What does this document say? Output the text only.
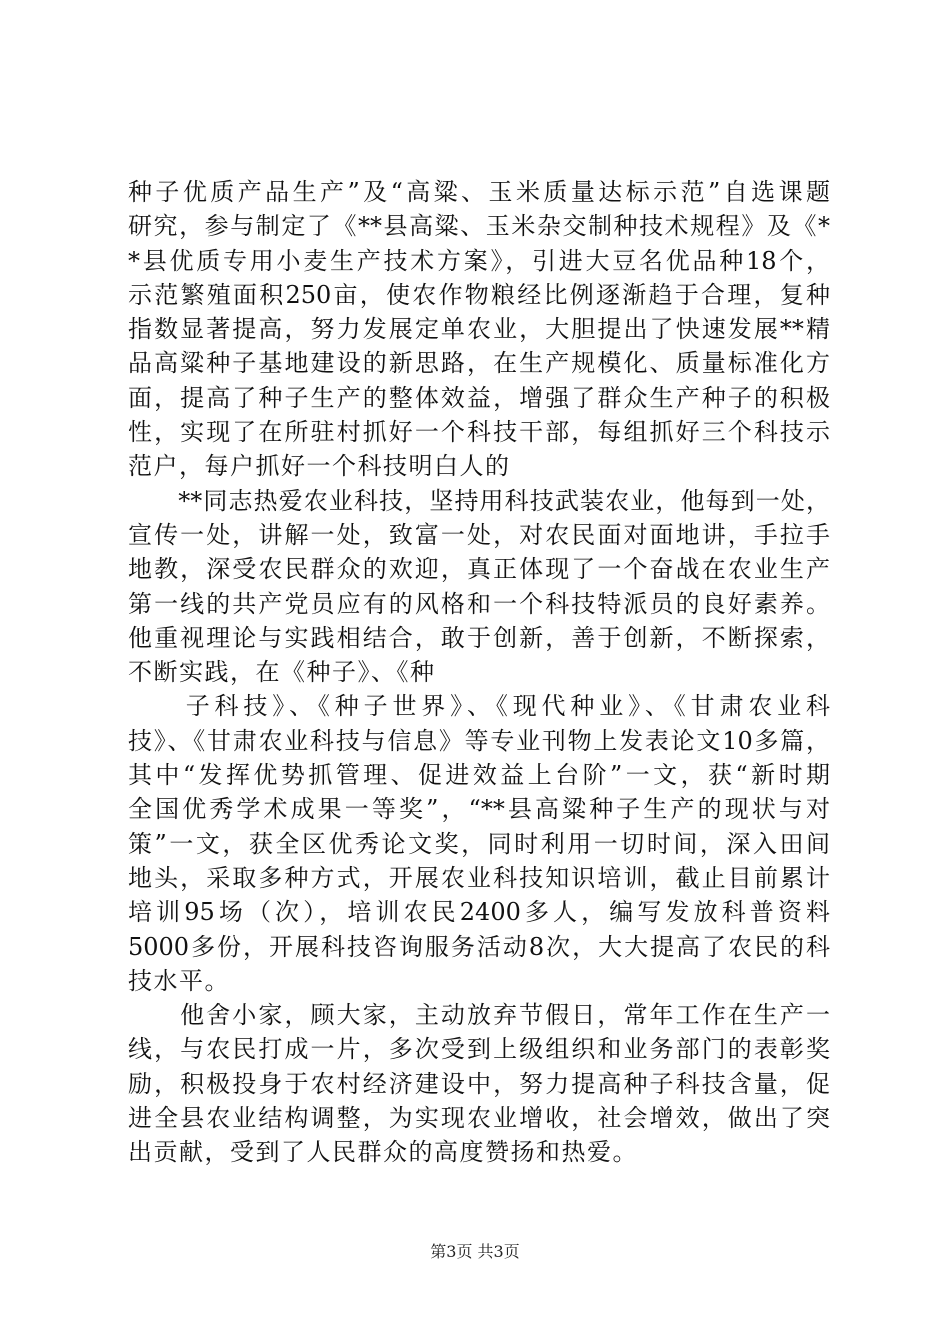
种子优质产品生产”及“高粱、玉米质量达标示范”自选课题
研究，参与制定了《**县高粱、玉米杂交制种技术规程》及《*
*县优质专用小麦生产技术方案》，引进大豆名优品种18个，
示范繁殖面积250亩，使农作物粮经比例逐渐趋于合理，复种
指数显著提高，努力发展定单农业，大胆提出了快速发展**精
品高粱种子基地建设的新思路，在生产规模化、质量标准化方
面，提高了种子生产的整体效益，增强了群众生产种子的积极
性，实现了在所驻村抓好一个科技干部，每组抓好三个科技示
范户，每户抓好一个科技明白人的
　　**同志热爱农业科技，坚持用科技武装农业，他每到一处，
宣传一处，讲解一处，致富一处，对农民面对面地讲，手拉手
地教，深受农民群众的欢迎，真正体现了一个奋战在农业生产
第一线的共产党员应有的风格和一个科技特派员的良好素养。
他重视理论与实践相结合，敢于创新，善于创新，不断探索，
不断实践，在《种子》、《种
　　子科技》、《种子世界》、《现代种业》、《甘肃农业科
技》、《甘肃农业科技与信息》等专业刊物上发表论文10多篇，
其中“发挥优势抓管理、促进效益上台阶”一文，获“新时期
全国优秀学术成果一等奖”，“**县高粱种子生产的现状与对
策”一文，获全区优秀论文奖，同时利用一切时间，深入田间
地头，采取多种方式，开展农业科技知识培训，截止目前累计
培训95场（次），培训农民2400多人，编写发放科普资料
5000多份，开展科技咨询服务活动8次，大大提高了农民的科
技水平。
　　他舍小家，顾大家，主动放弃节假日，常年工作在生产一
线，与农民打成一片，多次受到上级组织和业务部门的表彰奖
励，积极投身于农村经济建设中，努力提高种子科技含量，促
进全县农业结构调整，为实现农业增收，社会增效，做出了突
出贡献，受到了人民群众的高度赞扬和热爱。
第3页 共3页
